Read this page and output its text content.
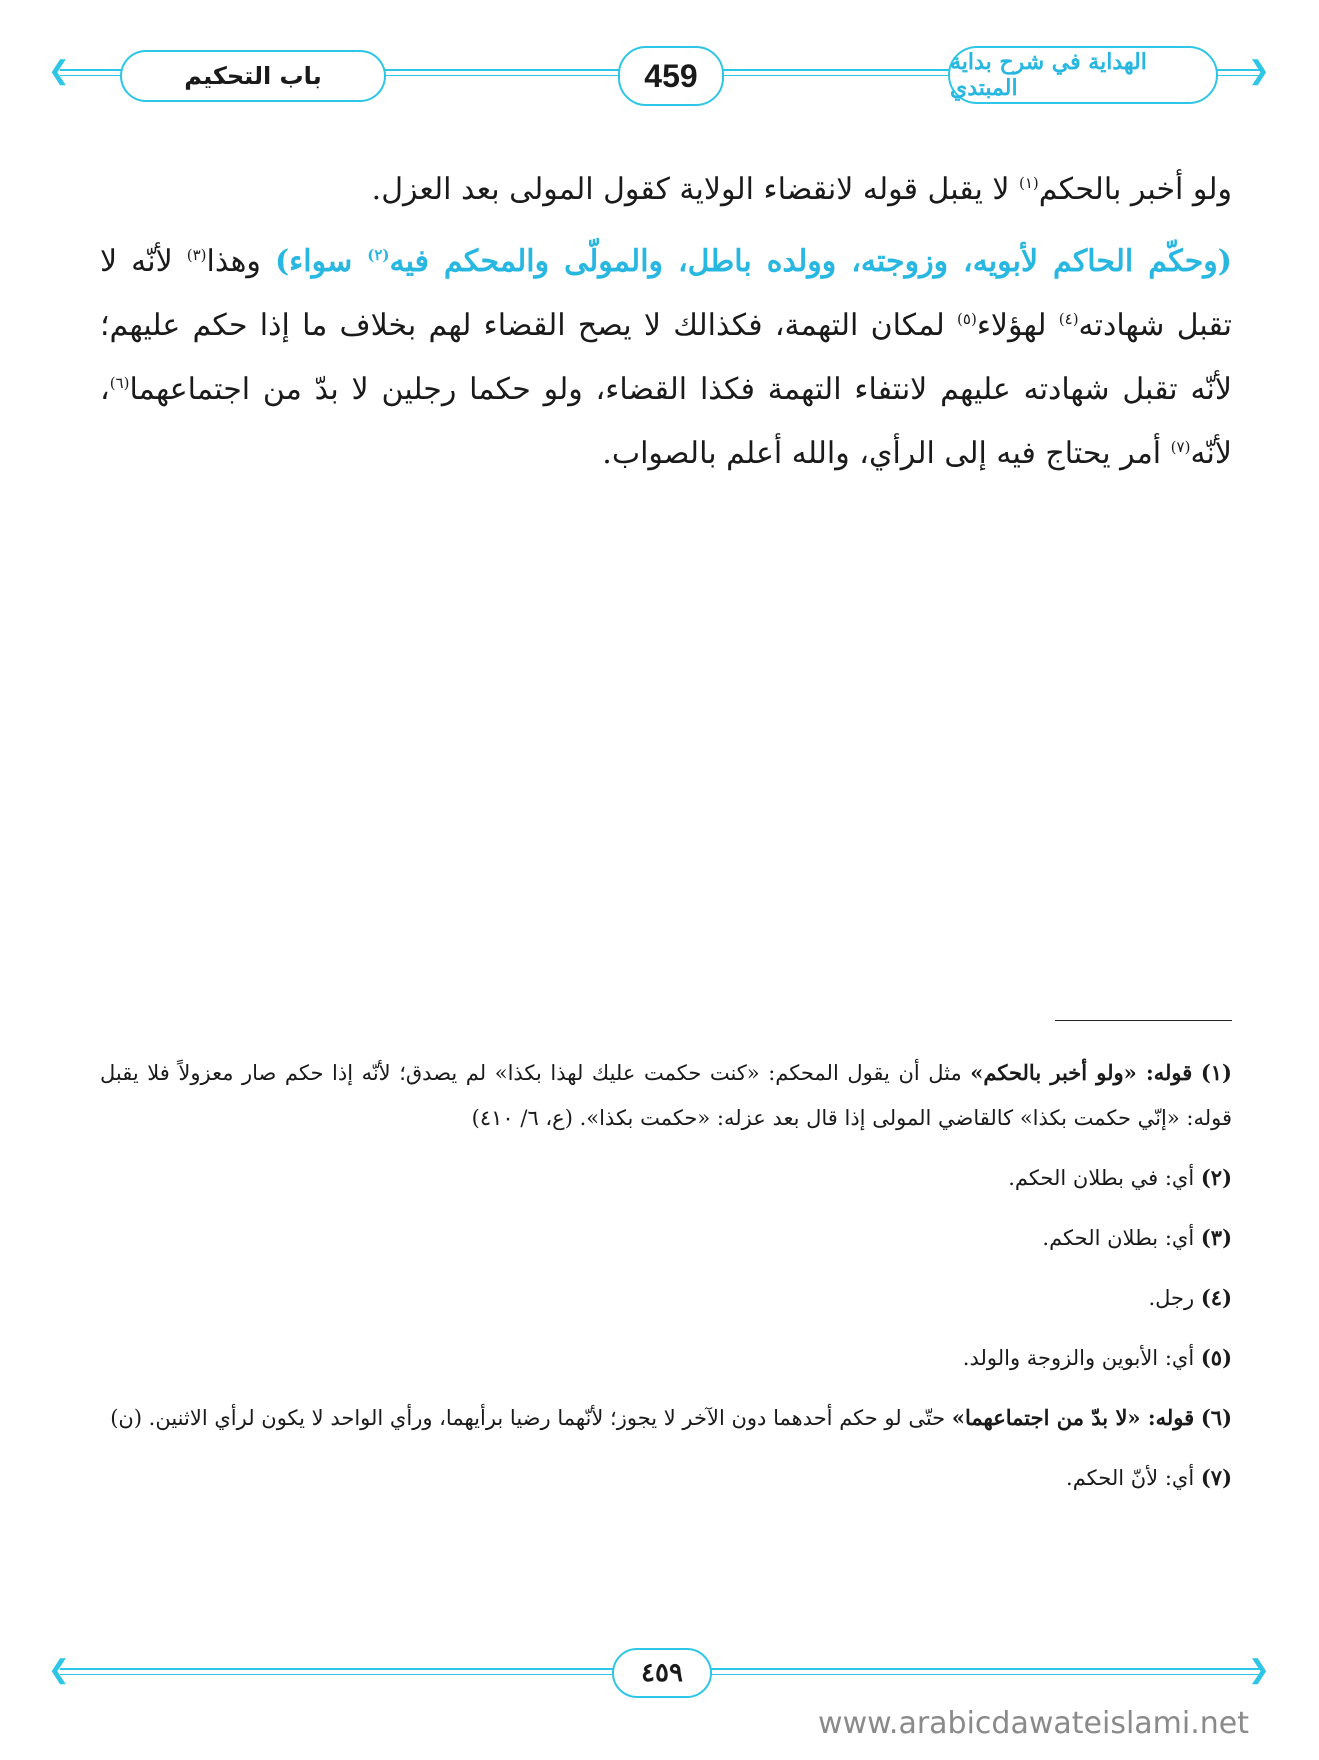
❮	❯
باب التحكيم	459	الهداية في شرح بداية المبتدي

ولو أخبر بالحكم$^{(١)}$ لا يقبل قوله لانقضاء الولاية كقول المولى بعد العزل.

(وحكّم الحاكم لأبويه، وزوجته، وولده باطل، والمولّى والمحكم فيه$^{(٢)}$ سواء) وهذا$^{(٣)}$ لأنّه لا تقبل شهادته$^{(٤)}$ لهؤلاء$^{(٥)}$ لمكان التهمة، فكذالك لا يصح القضاء لهم بخلاف ما إذا حكم عليهم؛ لأنّه تقبل شهادته عليهم لانتفاء التهمة فكذا القضاء، ولو حكما رجلين لا بدّ من اجتماعهما$^{(٦)}$، لأنّه$^{(٧)}$ أمر يحتاج فيه إلى الرأي، والله أعلم بالصواب.

(١) قوله: «ولو أخبر بالحكم» مثل أن يقول المحكم: «كنت حكمت عليك لهذا بكذا» لم يصدق؛ لأنّه إذا حكم صار معزولاً فلا يقبل قوله: «إنّي حكمت بكذا» كالقاضي المولى إذا قال بعد عزله: «حكمت بكذا». (ع، ٦/ ٤١٠)

(٢) أي: في بطلان الحكم.

(٣) أي: بطلان الحكم.

(٤) رجل.

(٥) أي: الأبوين والزوجة والولد.

(٦) قوله: «لا بدّ من اجتماعهما» حتّى لو حكم أحدهما دون الآخر لا يجوز؛ لأنّهما رضيا برأيهما، ورأي الواحد لا يكون لرأي الاثنين. (ن)

(٧) أي: لأنّ الحكم.

❮	❯
٤٥٩
www.arabicdawateislami.net
